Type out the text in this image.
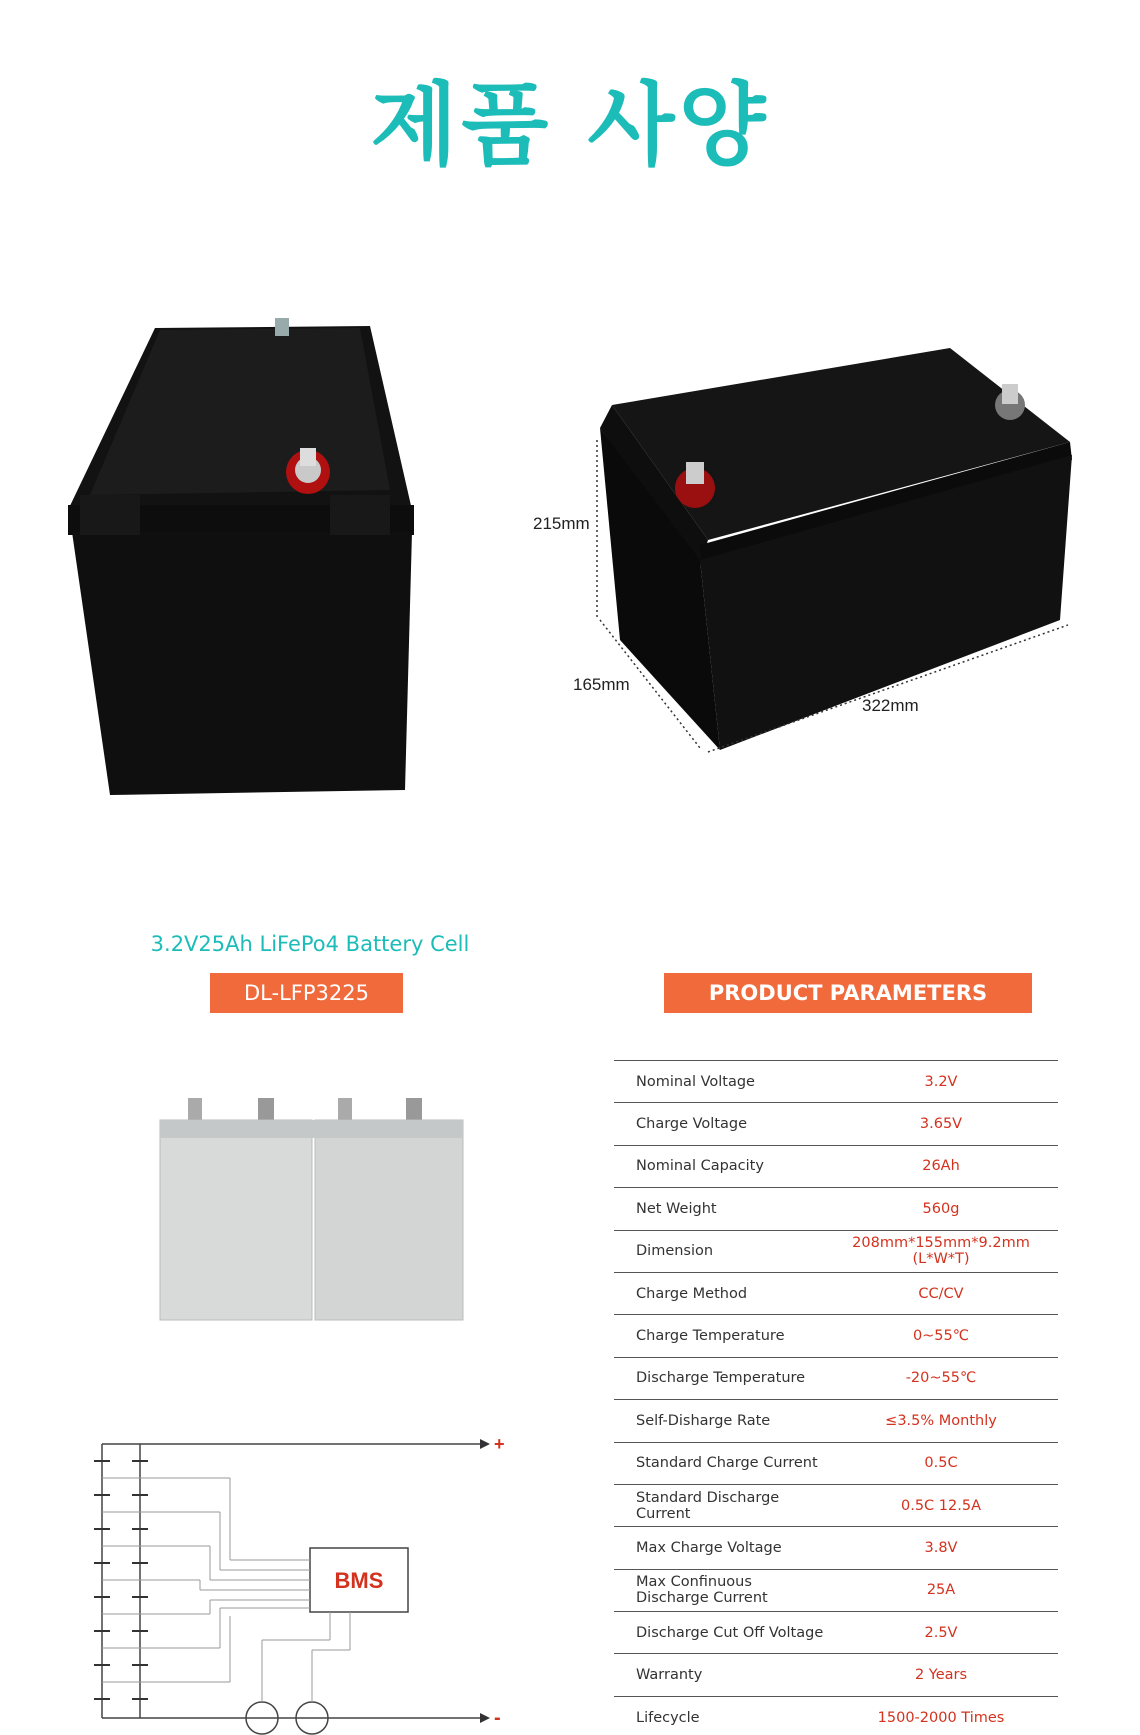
제품 사양
215mm
165mm
322mm
3.2V25Ah LiFePo4 Battery Cell
DL-LFP3225	PRODUCT PARAMETERS
BMS
+
-
Nominal Voltage	3.2V
Charge Voltage	3.65V
Nominal Capacity	26Ah
Net Weight	560g
Dimension	208mm*155mm*9.2mm (L*W*T)
Charge Method	CC/CV
Charge Temperature	0~55℃
Discharge Temperature	-20~55℃
Self-Disharge Rate	≤3.5% Monthly
Standard Charge Current	0.5C
Standard Discharge Current	0.5C 12.5A
Max Charge Voltage	3.8V
Max Confinuous Discharge Current	25A
Discharge Cut Off Voltage	2.5V
Warranty	2 Years
Lifecycle	1500-2000 Times
